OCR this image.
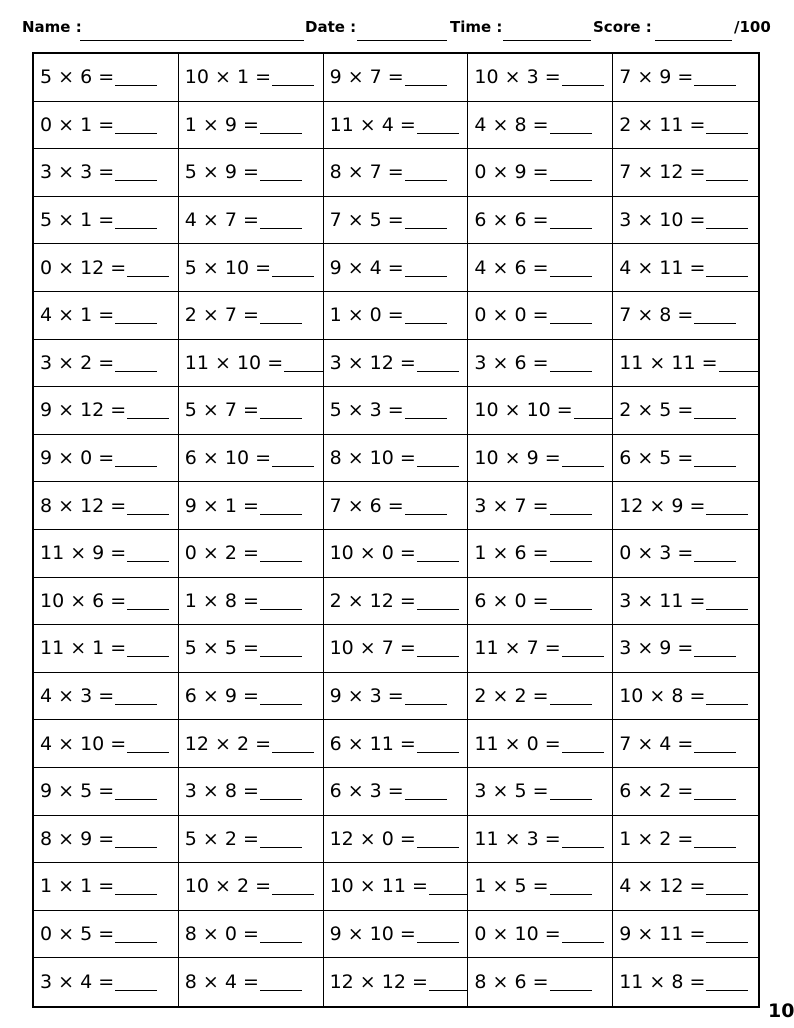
Name :	Date :	Time :	Score :	/100
5 × 6 =	10 × 1 =	9 × 7 =	10 × 3 =	7 × 9 =
0 × 1 =	1 × 9 =	11 × 4 =	4 × 8 =	2 × 11 =
3 × 3 =	5 × 9 =	8 × 7 =	0 × 9 =	7 × 12 =
5 × 1 =	4 × 7 =	7 × 5 =	6 × 6 =	3 × 10 =
0 × 12 =	5 × 10 =	9 × 4 =	4 × 6 =	4 × 11 =
4 × 1 =	2 × 7 =	1 × 0 =	0 × 0 =	7 × 8 =
3 × 2 =	11 × 10 = 3 × 12 =	3 × 6 =	11 × 11 =
9 × 12 =	5 × 7 =	5 × 3 =	10 × 10 = 2 × 5 =
9 × 0 =	6 × 10 =	8 × 10 =	10 × 9 =	6 × 5 =
8 × 12 =	9 × 1 =	7 × 6 =	3 × 7 =	12 × 9 =
11 × 9 =	0 × 2 =	10 × 0 =	1 × 6 =	0 × 3 =
10 × 6 =	1 × 8 =	2 × 12 =	6 × 0 =	3 × 11 =
11 × 1 =	5 × 5 =	10 × 7 =	11 × 7 =	3 × 9 =
4 × 3 =	6 × 9 =	9 × 3 =	2 × 2 =	10 × 8 =
4 × 10 =	12 × 2 =	6 × 11 =	11 × 0 =	7 × 4 =
9 × 5 =	3 × 8 =	6 × 3 =	3 × 5 =	6 × 2 =
8 × 9 =	5 × 2 =	12 × 0 =	11 × 3 =	1 × 2 =
1 × 1 =	10 × 2 =	10 × 11 = 1 × 5 =	4 × 12 =
0 × 5 =	8 × 0 =	9 × 10 =	0 × 10 =	9 × 11 =
3 × 4 =	8 × 4 =	12 × 12 = 8 × 6 =	11 × 8 =
10
